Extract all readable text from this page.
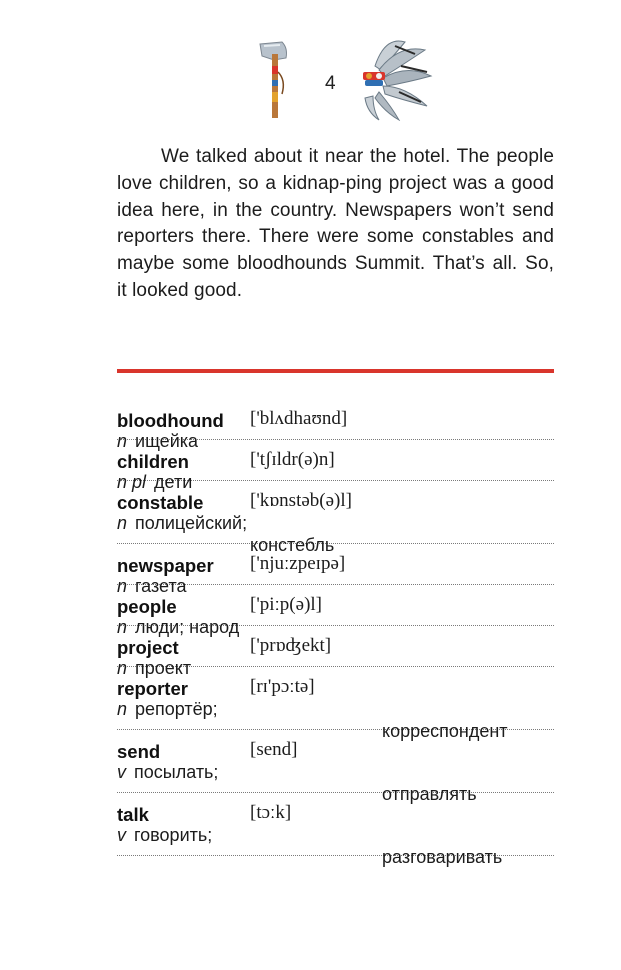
4

We talked about it near the hotel. The people love children, so a kidnap-ping project was a good idea here, in the country. Newspapers won’t send reporters there. There were some constables and maybe some bloodhounds Summit. That’s all. So, it looked good.

bloodhound ['blʌdhaʊnd] n ищейка
children	['tʃɪldr(ə)n] n pl дети
constable ['kɒnstəb(ə)l] n полицейский;
констебль
newspaper ['njuːzpeɪpə] n газета
people	['piːp(ə)l] n люди; народ
project	['prɒʤekt] n проект
reporter	[rɪ'pɔːtə] n репортёр;
корреспондент
send	[send] v посылать;
отправлять
talk	[tɔːk] v говорить;
разговаривать
